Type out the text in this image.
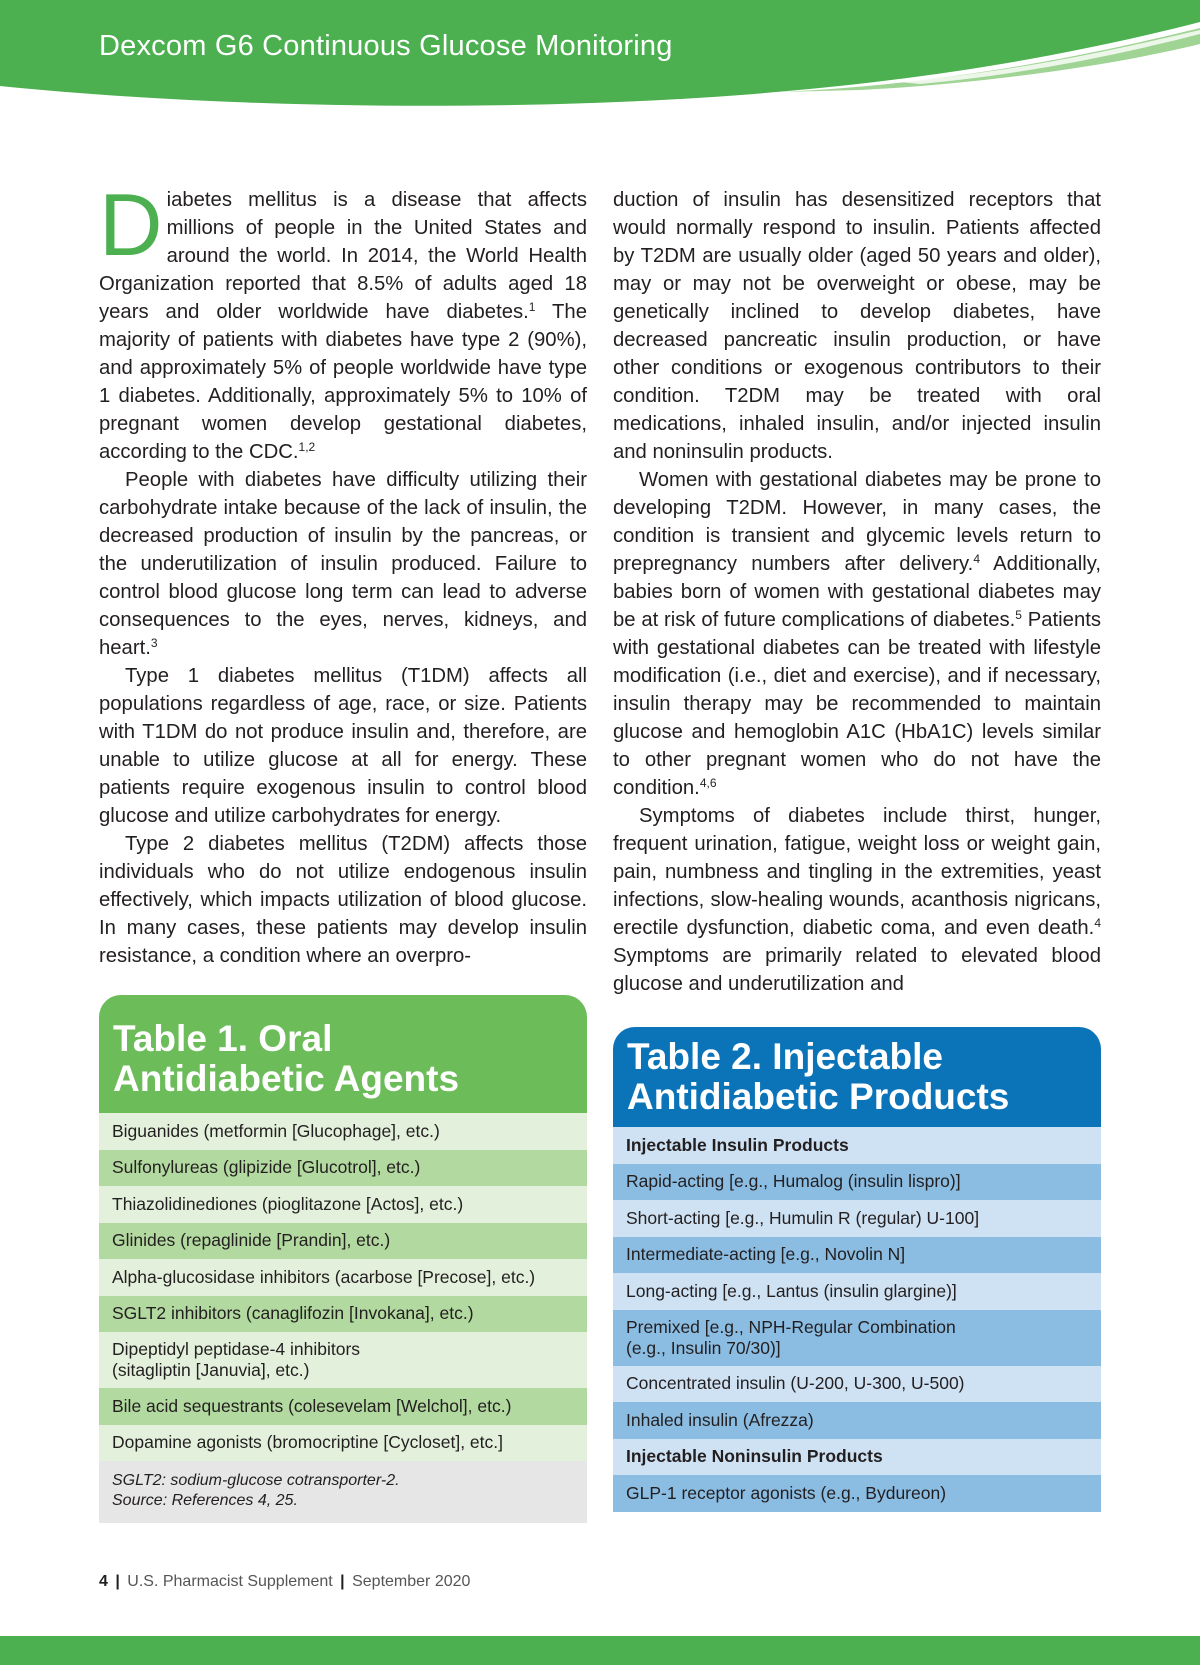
Dexcom G6 Continuous Glucose Monitoring

Diabetes mellitus is a disease that affects millions of people in the United States and around the world. In 2014, the World Health Organization reported that 8.5% of adults aged 18 years and older worldwide have diabetes.$^1$ The majority of patients with diabetes have type 2 (90%), and approximately 5% of people worldwide have type 1 diabetes. Additionally, approximately 5% to 10% of pregnant women develop gestational diabetes, according to the CDC.$^{1,2}$

People with diabetes have difficulty utilizing their carbohydrate intake because of the lack of insulin, the decreased production of insulin by the pancreas, or the underutilization of insulin produced. Failure to control blood glucose long term can lead to adverse consequences to the eyes, nerves, kidneys, and heart.$^3$

Type 1 diabetes mellitus (T1DM) affects all populations regardless of age, race, or size. Patients with T1DM do not produce insulin and, therefore, are unable to utilize glucose at all for energy. These patients require exogenous insulin to control blood glucose and utilize carbohydrates for energy.

Type 2 diabetes mellitus (T2DM) affects those individuals who do not utilize endogenous insulin effectively, which impacts utilization of blood glucose. In many cases, these patients may develop insulin resistance, a condition where an overpro-

duction of insulin has desensitized receptors that would normally respond to insulin. Patients affected by T2DM are usually older (aged 50 years and older), may or may not be overweight or obese, may be genetically inclined to develop diabetes, have decreased pancreatic insulin production, or have other conditions or exogenous contributors to their condition. T2DM may be treated with oral medications, inhaled insulin, and/or injected insulin and noninsulin products.

Women with gestational diabetes may be prone to developing T2DM. However, in many cases, the condition is transient and glycemic levels return to prepregnancy numbers after delivery.$^4$ Additionally, babies born of women with gestational diabetes may be at risk of future complications of diabetes.$^5$ Patients with gestational diabetes can be treated with lifestyle modification (i.e., diet and exercise), and if necessary, insulin therapy may be recommended to maintain glucose and hemoglobin A1C (HbA1C) levels similar to other pregnant women who do not have the condition.$^{4,6}$

Symptoms of diabetes include thirst, hunger, frequent urination, fatigue, weight loss or weight gain, pain, numbness and tingling in the extremities, yeast infections, slow-healing wounds, acanthosis nigricans, erectile dysfunction, diabetic coma, and even death.$^4$ Symptoms are primarily related to elevated blood glucose and underutilization and

Table 1. Oral
Antidiabetic Agents
Biguanides (metformin [Glucophage], etc.)
Sulfonylureas (glipizide [Glucotrol], etc.)
Thiazolidinediones (pioglitazone [Actos], etc.)
Glinides (repaglinide [Prandin], etc.)
Alpha-glucosidase inhibitors (acarbose [Precose], etc.)
SGLT2 inhibitors (canaglifozin [Invokana], etc.)
Dipeptidyl peptidase-4 inhibitors
(sitagliptin [Januvia], etc.)
Bile acid sequestrants (colesevelam [Welchol], etc.)
Dopamine agonists (bromocriptine [Cycloset], etc.]
SGLT2: sodium-glucose cotransporter-2.
Source: References 4, 25.
Table 2. Injectable
Antidiabetic Products
Injectable Insulin Products
Rapid-acting [e.g., Humalog (insulin lispro)]
Short-acting [e.g., Humulin R (regular) U-100]
Intermediate-acting [e.g., Novolin N]
Long-acting [e.g., Lantus (insulin glargine)]
Premixed [e.g., NPH-Regular Combination
(e.g., Insulin 70/30)]
Concentrated insulin (U-200, U-300, U-500)
Inhaled insulin (Afrezza)
Injectable Noninsulin Products
GLP-1 receptor agonists (e.g., Bydureon)
4 | U.S. Pharmacist Supplement | September 2020
